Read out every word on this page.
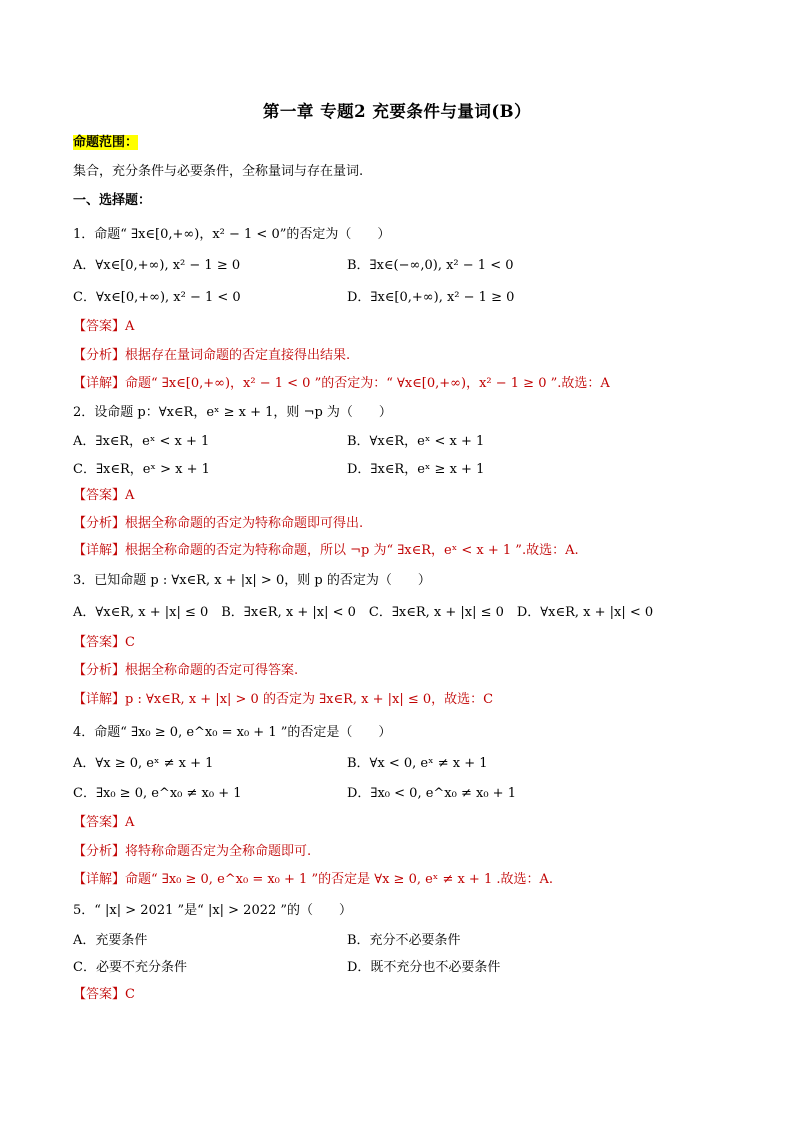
第一章 专题2 充要条件与量词(B）
命题范围：
集合，充分条件与必要条件，全称量词与存在量词.
一、选择题：
1．命题“ ∃x∈[0,+∞)，x² − 1 < 0”的否定为（　　）
A．∀x∈[0,+∞), x² − 1 ≥ 0	B．∃x∈(−∞,0), x² − 1 < 0
C．∀x∈[0,+∞), x² − 1 < 0	D．∃x∈[0,+∞), x² − 1 ≥ 0
【答案】A
【分析】根据存在量词命题的否定直接得出结果.
【详解】命题“ ∃x∈[0,+∞)，x² − 1 < 0 ”的否定为：“ ∀x∈[0,+∞)，x² − 1 ≥ 0 ”.故选：A
2．设命题 p：∀x∈R，eˣ ≥ x + 1，则 ¬p 为（　　）
A．∃x∈R，eˣ < x + 1	B．∀x∈R，eˣ < x + 1
C．∃x∈R，eˣ > x + 1	D．∃x∈R，eˣ ≥ x + 1
【答案】A
【分析】根据全称命题的否定为特称命题即可得出.
【详解】根据全称命题的否定为特称命题，所以 ¬p 为“ ∃x∈R，eˣ < x + 1 ”.故选：A.
3．已知命题 p : ∀x∈R, x + |x| > 0，则 p 的否定为（　　）
A．∀x∈R, x + |x| ≤ 0　B．∃x∈R, x + |x| < 0　C．∃x∈R, x + |x| ≤ 0　D．∀x∈R, x + |x| < 0
【答案】C
【分析】根据全称命题的否定可得答案.
【详解】p : ∀x∈R, x + |x| > 0 的否定为 ∃x∈R, x + |x| ≤ 0，故选：C
4．命题“ ∃x₀ ≥ 0, e^x₀ = x₀ + 1 ”的否定是（　　）
A．∀x ≥ 0, eˣ ≠ x + 1	B．∀x < 0, eˣ ≠ x + 1
C．∃x₀ ≥ 0, e^x₀ ≠ x₀ + 1	D．∃x₀ < 0, e^x₀ ≠ x₀ + 1
【答案】A
【分析】将特称命题否定为全称命题即可.
【详解】命题“ ∃x₀ ≥ 0, e^x₀ = x₀ + 1 ”的否定是 ∀x ≥ 0, eˣ ≠ x + 1 .故选：A.
5．“ |x| > 2021 ”是“ |x| > 2022 ”的（　　）
A．充要条件	B．充分不必要条件
C．必要不充分条件	D．既不充分也不必要条件
【答案】C
